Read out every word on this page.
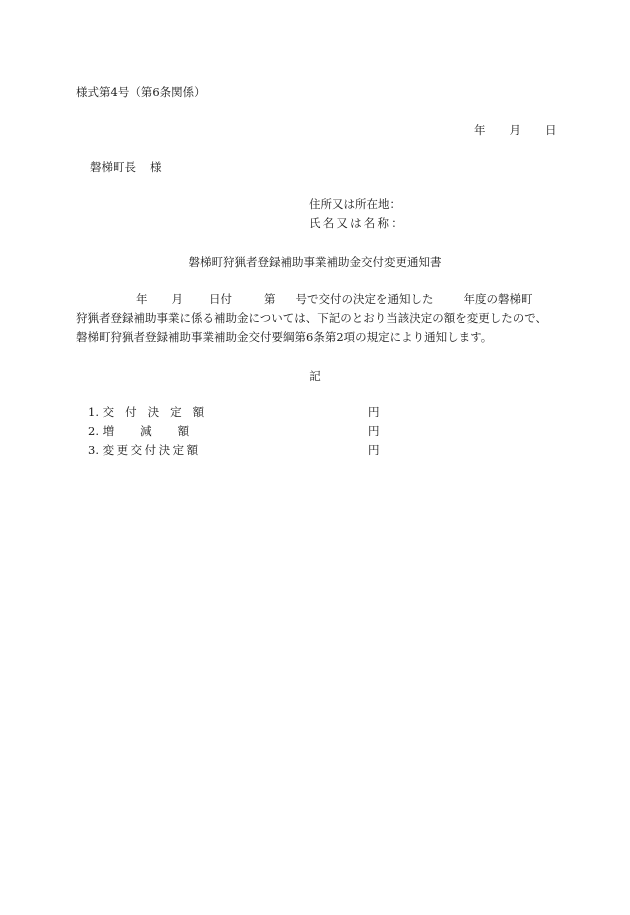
様式第4号（第6条関係）
年 月 日
磐梯町長 様
住所又は所在地：
氏名又は名称：
磐梯町狩猟者登録補助事業補助金交付変更通知書
年 月 日付	第 号で交付の決定を通知した	年度の磐梯町
狩猟者登録補助事業に係る補助金については、下記のとおり当該決定の額を変更したので、
磐梯町狩猟者登録補助事業補助金交付要綱第6条第2項の規定により通知します。
記
1. 交付決定額	円
2. 増減額	円
3. 変更交付決定額	円
